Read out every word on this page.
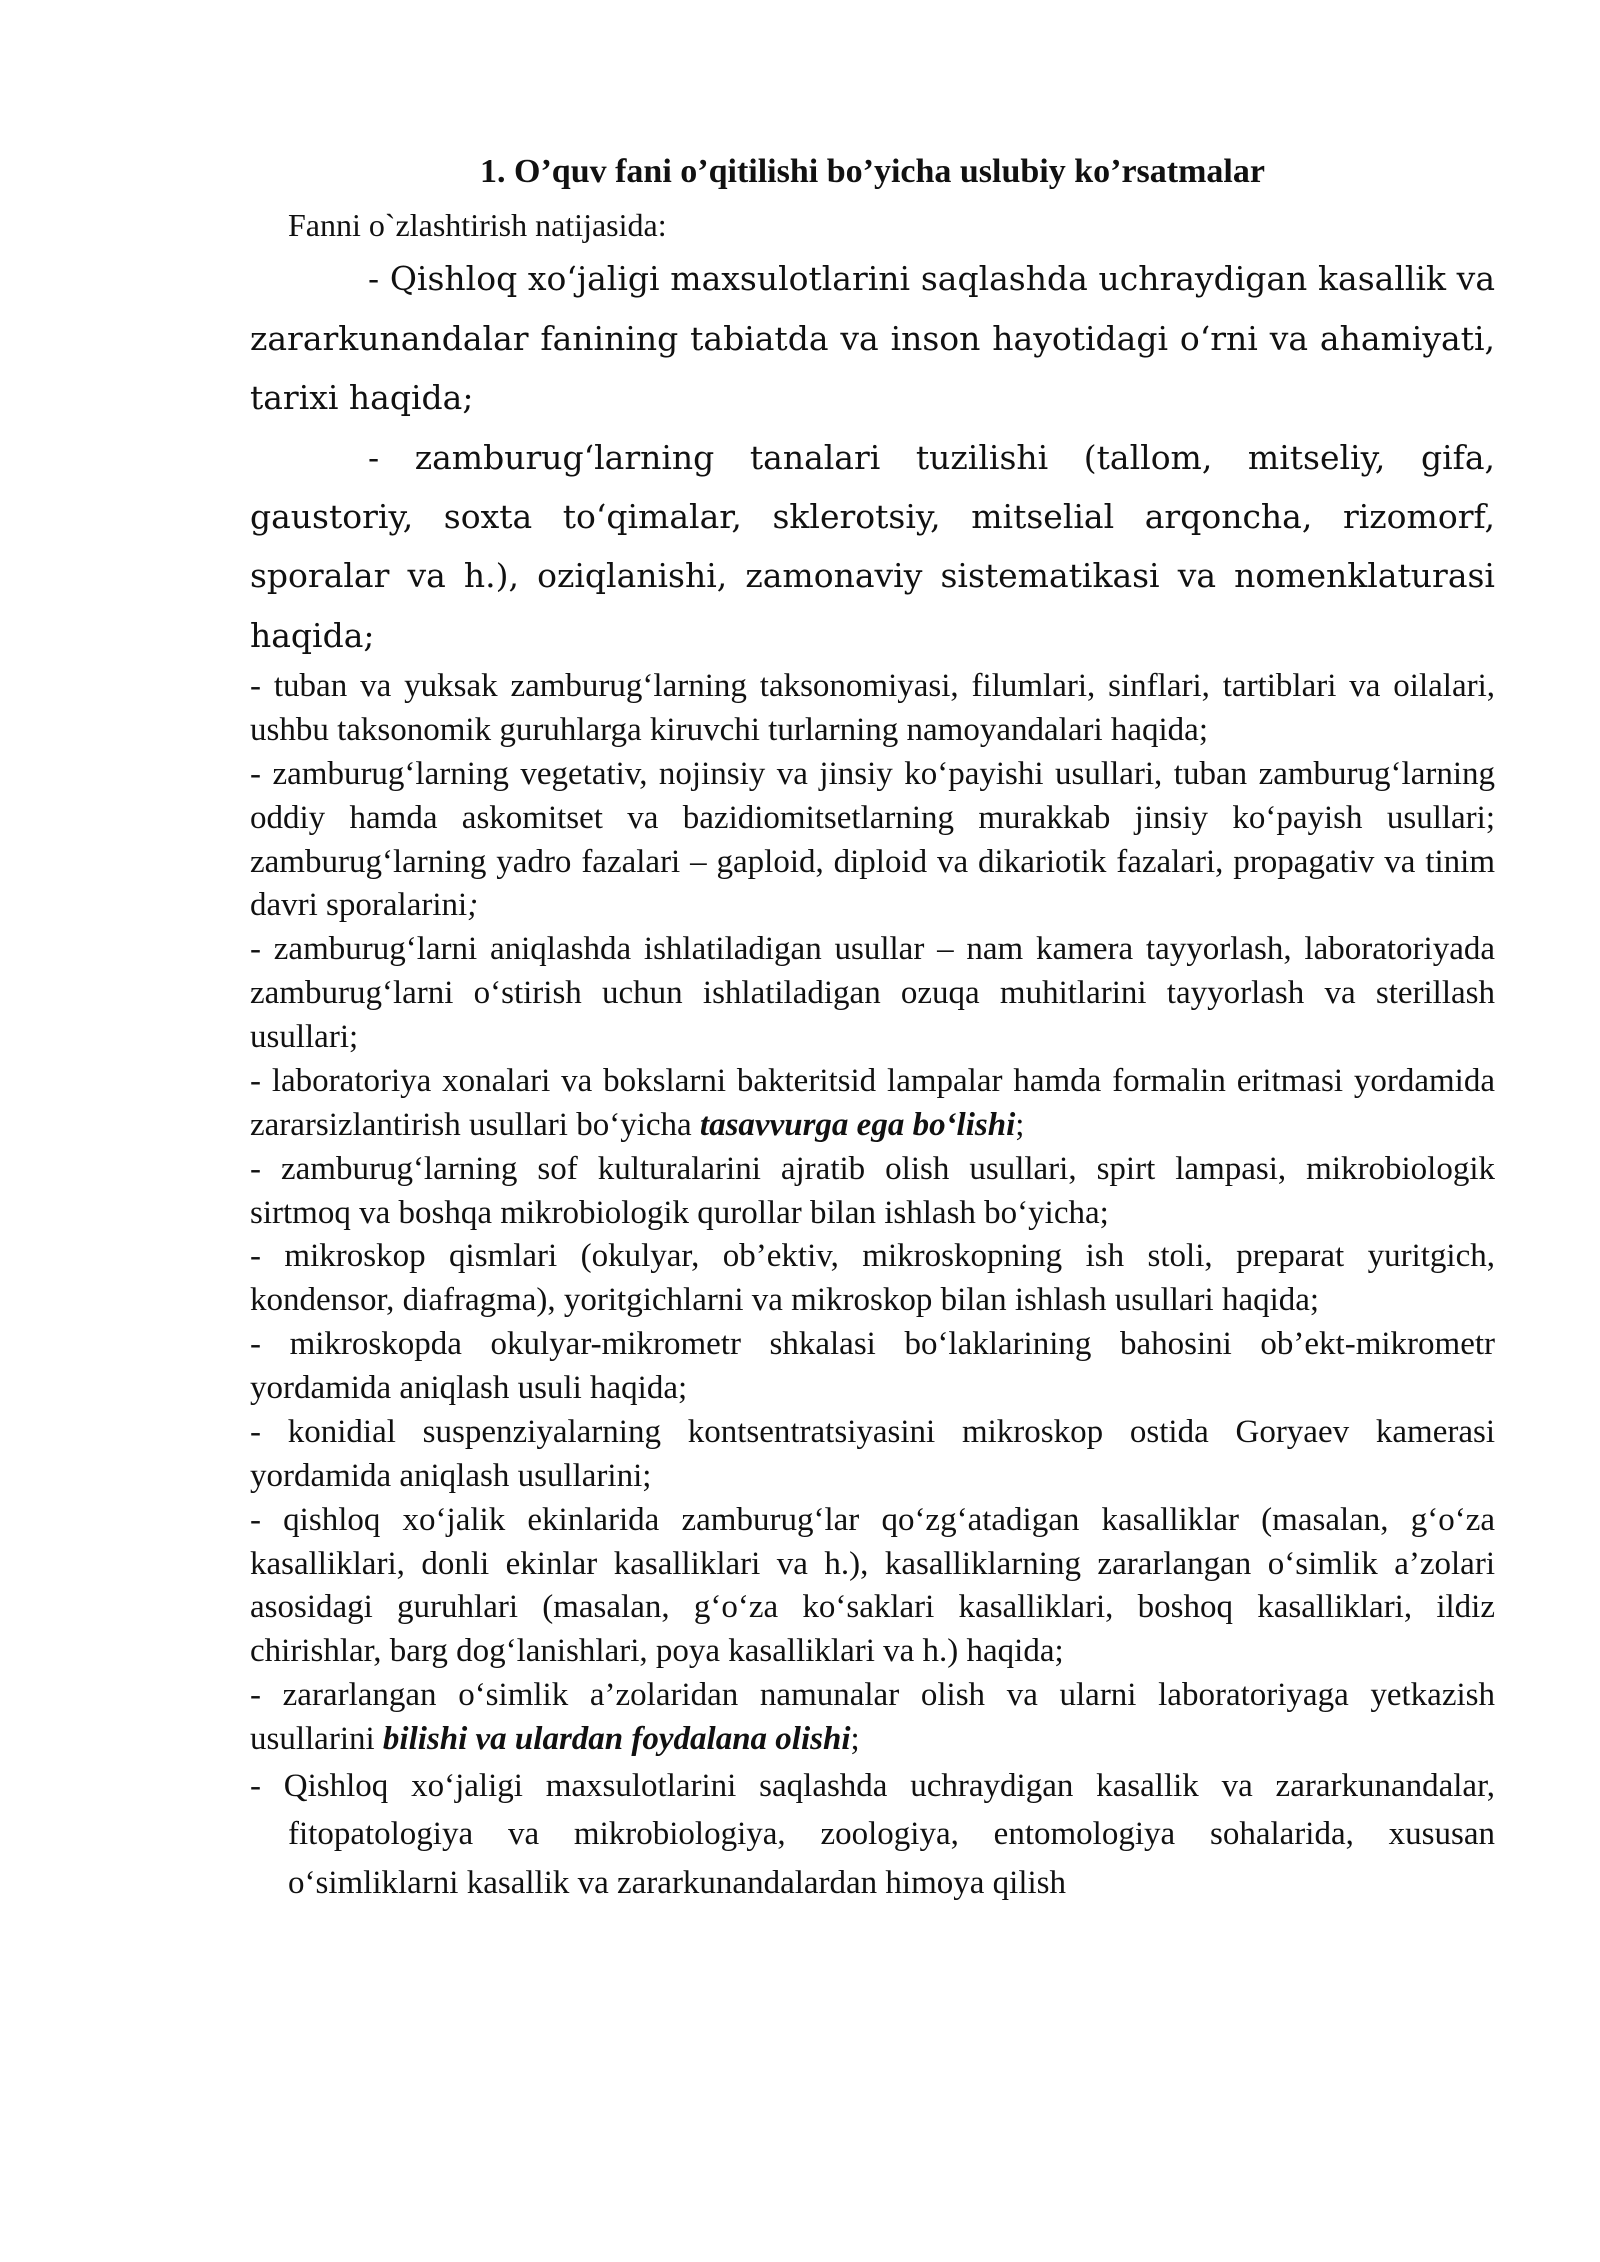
1. O’quv fani o’qitilishi bo’yicha uslubiy ko’rsatmalar
Fanni o`zlashtirish natijasida:

- Qishloq xo‘jaligi maxsulotlarini saqlashda uchraydigan kasallik va zararkunandalar fanining tabiatda va inson hayotidagi o‘rni va ahamiyati, tarixi haqida;

- zamburug‘larning tanalari tuzilishi (tallom, mitseliy, gifa, gaustoriy, soxta to‘qimalar, sklerotsiy, mitselial arqoncha, rizomorf, sporalar va h.), oziqlanishi, zamonaviy sistematikasi va nomenklaturasi haqida;

- tuban va yuksak zamburug‘larning taksonomiyasi, filumlari, sinflari, tartiblari va oilalari, ushbu taksonomik guruhlarga kiruvchi turlarning namoyandalari haqida;

- zamburug‘larning vegetativ, nojinsiy va jinsiy ko‘payishi usullari, tuban zamburug‘larning oddiy hamda askomitset va bazidiomitsetlarning murakkab jinsiy ko‘payish usullari; zamburug‘larning yadro fazalari – gaploid, diploid va dikariotik fazalari, propagativ va tinim davri sporalarini;

- zamburug‘larni aniqlashda ishlatiladigan usullar – nam kamera tayyorlash, laboratoriyada zamburug‘larni o‘stirish uchun ishlatiladigan ozuqa muhitlarini tayyorlash va sterillash usullari;

- laboratoriya xonalari va bokslarni bakteritsid lampalar hamda formalin eritmasi yordamida zararsizlantirish usullari bo‘yicha tasavvurga ega bo‘lishi;

- zamburug‘larning sof kulturalarini ajratib olish usullari, spirt lampasi, mikrobiologik sirtmoq va boshqa mikrobiologik qurollar bilan ishlash bo‘yicha;

- mikroskop qismlari (okulyar, ob’ektiv, mikroskopning ish stoli, preparat yuritgich, kondensor, diafragma), yoritgichlarni va mikroskop bilan ishlash usullari haqida;

- mikroskopda okulyar-mikrometr shkalasi bo‘laklarining bahosini ob’ekt-mikrometr yordamida aniqlash usuli haqida;

- konidial suspenziyalarning kontsentratsiyasini mikroskop ostida Goryaev kamerasi yordamida aniqlash usullarini;

- qishloq xo‘jalik ekinlarida zamburug‘lar qo‘zg‘atadigan kasalliklar (masalan, g‘o‘za kasalliklari, donli ekinlar kasalliklari va h.), kasalliklarning zararlangan o‘simlik a’zolari asosidagi guruhlari (masalan, g‘o‘za ko‘saklari kasalliklari, boshoq kasalliklari, ildiz chirishlar, barg dog‘lanishlari, poya kasalliklari va h.) haqida;

- zararlangan o‘simlik a’zolaridan namunalar olish va ularni laboratoriyaga yetkazish usullarini bilishi va ulardan foydalana olishi;

- Qishloq xo‘jaligi maxsulotlarini saqlashda uchraydigan kasallik va zararkunandalar, fitopatologiya va mikrobiologiya, zoologiya, entomologiya sohalarida, xususan o‘simliklarni kasallik va zararkunandalardan himoya qilish
